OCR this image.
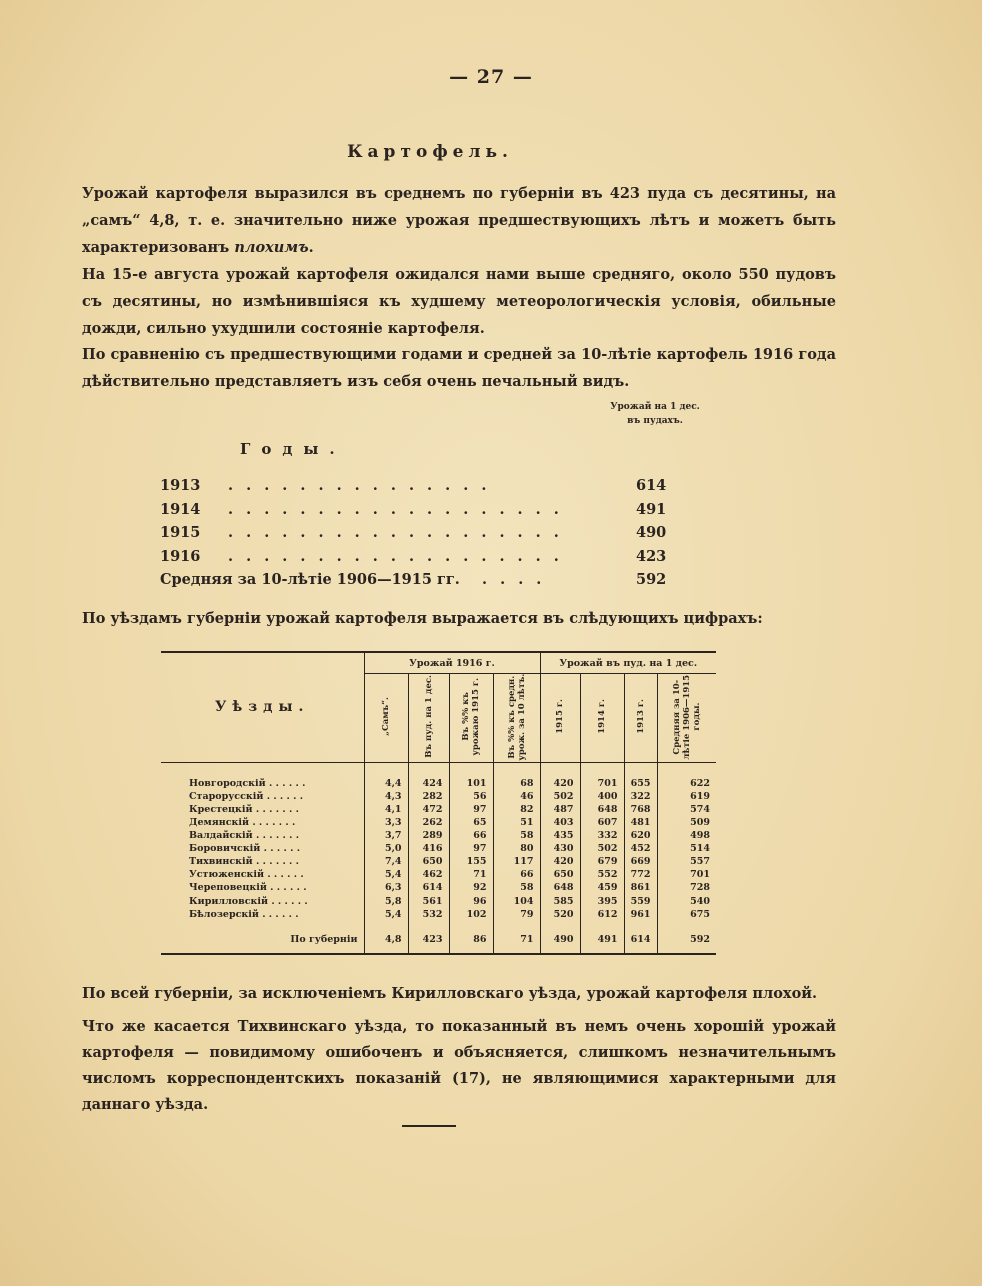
— 27 —
Картофель.

Урожай картофеля выразился въ среднемъ по губерніи въ 423 пуда съ десятины, на „самъ“ 4,8, т. е. значительно ниже урожая предшествующихъ лѣтъ и можетъ быть характеризованъ плохимъ.

На 15-е августа урожай картофеля ожидался нами выше средняго, около 550 пудовъ съ десятины, но измѣнившіяся къ худшему метеорологическія условія, обильные дожди, сильно ухудшили состояніе картофеля.

По сравненію съ предшествующими годами и средней за 10-лѣтіе картофель 1916 года дѣйствительно представляетъ изъ себя очень печальный видъ.

Урожай на 1 дес.
въ пудахъ.
Годы.
1913 . . . . . . . . . . . . . . .	614
1914 . . . . . . . . . . . . . . . . . . .	491
1915 . . . . . . . . . . . . . . . . . . .	490
1916 . . . . . . . . . . . . . . . . . . .	423
Средняя за 10-лѣтіе 1906—1915 гг. . . . .	592

По уѣздамъ губерніи урожай картофеля выражается въ слѣдующихъ цифрахъ:

Уѣзды.	Урожай 1916 г.				Урожай въ пуд. на 1 дес.			
	„Самъ“.	Въ пуд. на 1 дес.	Въ %% къ урожаю 1915 г.	Въ %% къ средн. урож. за 10 лѣтъ.	1915 г.	1914 г.	1913 г.	Средняя за 10-лѣтіе 1906—1915 годы.

Новгородскій . . . . . .	4,4	424	101	68	420	701	655	622
Старорусскій . . . . . .	4,3	282	56	46	502	400	322	619
Крестецкій . . . . . . .	4,1	472	97	82	487	648	768	574
Демянскій . . . . . . .	3,3	262	65	51	403	607	481	509
Валдайскій . . . . . . .	3,7	289	66	58	435	332	620	498
Боровичскій . . . . . .	5,0	416	97	80	430	502	452	514
Тихвинскій . . . . . . .	7,4	650	155	117	420	679	669	557
Устюженскій . . . . . .	5,4	462	71	66	650	552	772	701
Череповецкій . . . . . .	6,3	614	92	58	648	459	861	728
Кирилловскій . . . . . .	5,8	561	96	104	585	395	559	540
Бѣлозерскій . . . . . .	5,4	532	102	79	520	612	961	675

По губерніи	4,8	423	86	71	490	491	614	592

По всей губерніи, за исключеніемъ Кирилловскаго уѣзда, урожай картофеля плохой.

Что же касается Тихвинскаго уѣзда, то показанный въ немъ очень хорошій урожай картофеля — повидимому ошибоченъ и объясняется, слишкомъ незначительнымъ числомъ корреспондентскихъ показаній (17), не являющимися характерными для даннаго уѣзда.
